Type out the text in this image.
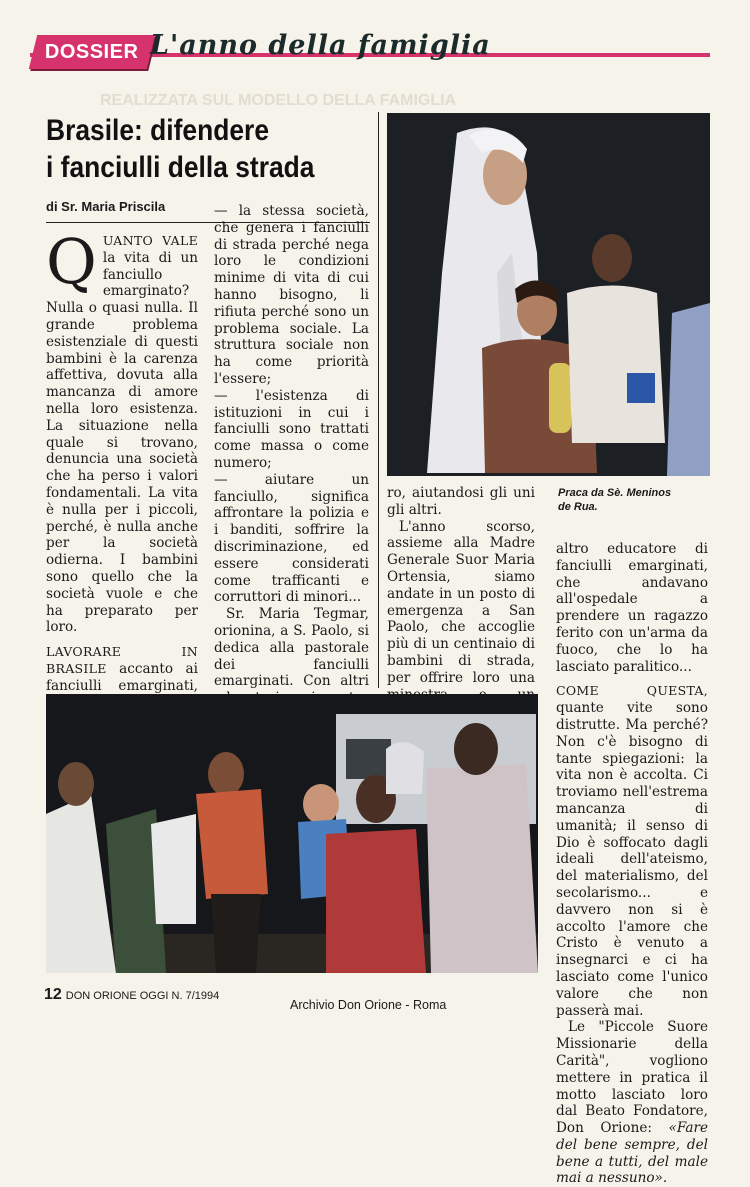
DOSSIER L'anno della famiglia
REALIZZATA SUL MODELLO DELLA FAMIGLIA
Brasile: difendere
i fanciulli della strada
di Sr. Maria Priscila

QUANTO VALE la vita di un fanciullo emarginato? Nulla o quasi nulla. Il grande problema esistenziale di questi bambini è la carenza affettiva, dovuta alla mancanza di amore nella loro esistenza. La situazione nella quale si trovano, denuncia una società che ha perso i valori fondamentali. La vita è nulla per i piccoli, perché, è nulla anche per la società odierna. I bambini sono quello che la società vuole e che ha preparato per loro.

LAVORARE IN BRASILE accanto ai fanciulli emarginati,

— la stessa società, che genera i fanciulli di strada perché nega loro le condizioni minime di vita di cui hanno bisogno, li rifiuta perché sono un problema sociale. La struttura sociale non ha come priorità l'essere;

— l'esistenza di istituzioni in cui i fanciulli sono trattati come massa o come numero;

— aiutare un fanciullo, significa affrontare la polizia e i banditi, soffrire la discriminazione, ed essere considerati come trafficanti e corruttori di minori...

Sr. Maria Tegmar, orionina, a S. Paolo, si dedica alla pastorale dei fanciulli emarginati. Con altri

Praca da Sè. Meninos de Rua.

ro, aiutandosi gli uni gli altri.

L'anno scorso, assieme alla Madre Generale Suor Maria Ortensia, siamo andate in un posto di emergenza a San Paolo, che accoglie più di un centinaio di bambini di strada, per offrire loro una

altro educatore di fanciulli emarginati, che andavano all'ospedale a prendere un ragazzo ferito con un'arma da fuoco, che lo ha lasciato paralitico...

COME QUESTA, quante vite sono distrutte. Ma perché? Non c'è bisogno di tante spiegazioni: la vita non è accolta. Ci troviamo nell'estrema mancanza di umanità; il senso di Dio è soffocato dagli ideali dell'ateismo, del materialismo, del secolarismo... e davvero non si è accolto l'amore che Cristo è venuto a insegnarci e ci ha lasciato come l'unico valore che non passerà mai.

Le "Piccole Suore Missionarie della Carità", vogliono mettere in pratica il motto lasciato loro dal Beato Fondatore, Don Orione: «Fare del bene sempre, del bene a tutti, del male mai a nessuno».

12 DON ORIONE OGGI N. 7/1994
Archivio Don Orione - Roma
